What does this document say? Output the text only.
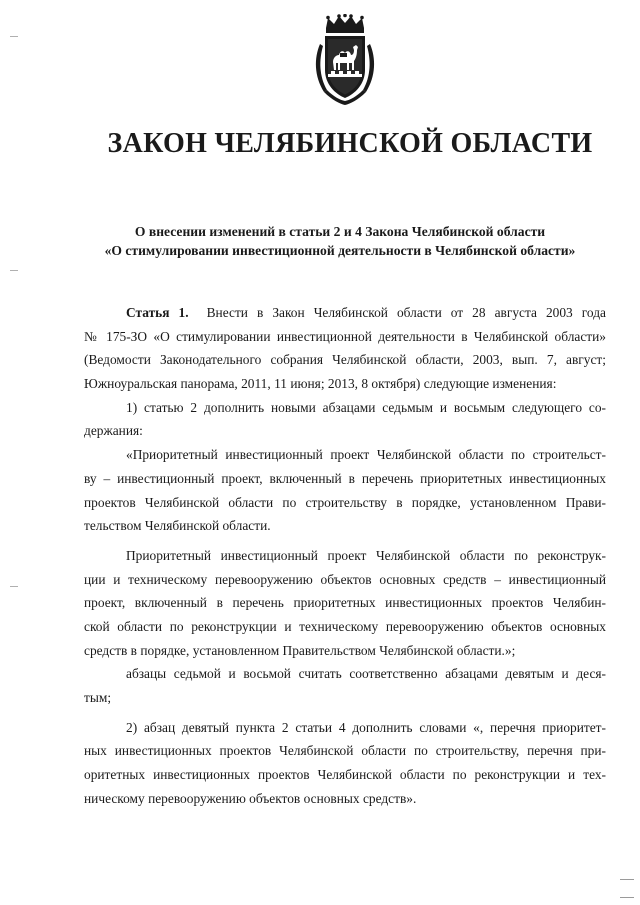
ЗАКОН ЧЕЛЯБИНСКОЙ ОБЛАСТИ
О внесении изменений в статьи 2 и 4 Закона Челябинской области
«О стимулировании инвестиционной деятельности в Челябинской области»
Статья 1. Внести в Закон Челябинской области от 28 августа 2003 года
№ 175-ЗО «О стимулировании инвестиционной деятельности в Челябинской области»
(Ведомости Законодательного собрания Челябинской области, 2003, вып. 7, август;
Южноуральская панорама, 2011, 11 июня; 2013, 8 октября) следующие изменения:
1) статью 2 дополнить новыми абзацами седьмым и восьмым следующего со-
держания:
«Приоритетный инвестиционный проект Челябинской области по строительст-
ву – инвестиционный проект, включенный в перечень приоритетных инвестиционных
проектов Челябинской области по строительству в порядке, установленном Прави-
тельством Челябинской области.
Приоритетный инвестиционный проект Челябинской области по реконструк-
ции и техническому перевооружению объектов основных средств – инвестиционный
проект, включенный в перечень приоритетных инвестиционных проектов Челябин-
ской области по реконструкции и техническому перевооружению объектов основных
средств в порядке, установленном Правительством Челябинской области.»;
абзацы седьмой и восьмой считать соответственно абзацами девятым и деся-
тым;
2) абзац девятый пункта 2 статьи 4 дополнить словами «, перечня приоритет-
ных инвестиционных проектов Челябинской области по строительству, перечня при-
оритетных инвестиционных проектов Челябинской области по реконструкции и тех-
ническому перевооружению объектов основных средств».
